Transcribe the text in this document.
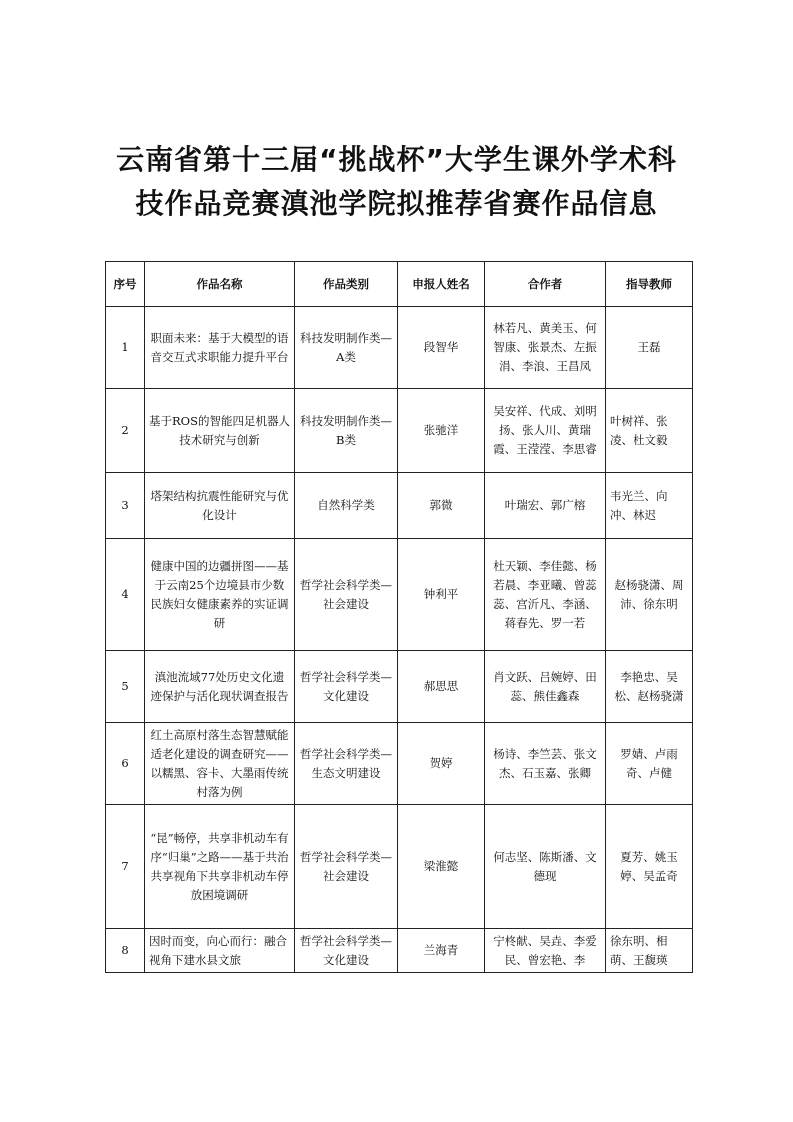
云南省第十三届“挑战杯”大学生课外学术科
技作品竞赛滇池学院拟推荐省赛作品信息
序号	作品名称	作品类别	申报人姓名	合作者	指导教师
1	职面未来：基于大模型的语音交互式求职能力提升平台	科技发明制作类—A类	段智华	林若凡、黄美玉、何智康、张景杰、左振涓、李浪、王昌凤	王磊
2	基于ROS的智能四足机器人技术研究与创新	科技发明制作类—B类	张驰洋	吴安祥、代成、刘明扬、张人川、黄瑞霞、王滢滢、李思睿	叶树祥、张凌、杜文毅
3	塔架结构抗震性能研究与优化设计	自然科学类	郭微	叶瑞宏、郭广榕	韦光兰、向冲、林迟
4	健康中国的边疆拼图——基于云南25个边境县市少数民族妇女健康素养的实证调研	哲学社会科学类—社会建设	钟利平	杜天颖、李佳懿、杨若晨、李亚曦、曾蕊蕊、宫沂凡、李涵、蒋春先、罗一若	赵杨骁潇、周沛、徐东明
5	滇池流域77处历史文化遗迹保护与活化现状调查报告	哲学社会科学类—文化建设	郝思思	肖文跃、吕婉婷、田蕊、熊佳鑫森	李艳忠、吴松、赵杨骁潇
6	红土高原村落生态智慧赋能适老化建设的调查研究——以糯黑、容卡、大墨雨传统村落为例	哲学社会科学类—生态文明建设	贺婷	杨诗、李竺芸、张文杰、石玉嘉、张卿	罗婧、卢雨奇、卢健
7	“昆”畅停，共享非机动车有序“归巢”之路——基于共治共享视角下共享非机动车停放困境调研	哲学社会科学类—社会建设	梁淮懿	何志坚、陈斯潘、文德现	夏芳、姚玉婷、吴孟奇
8	因时而变，向心而行：融合视角下建水县文旅	哲学社会科学类—文化建设	兰海青	宁柊献、吴垚、李爱民、曾宏艳、李	徐东明、相萌、王馥瑛
